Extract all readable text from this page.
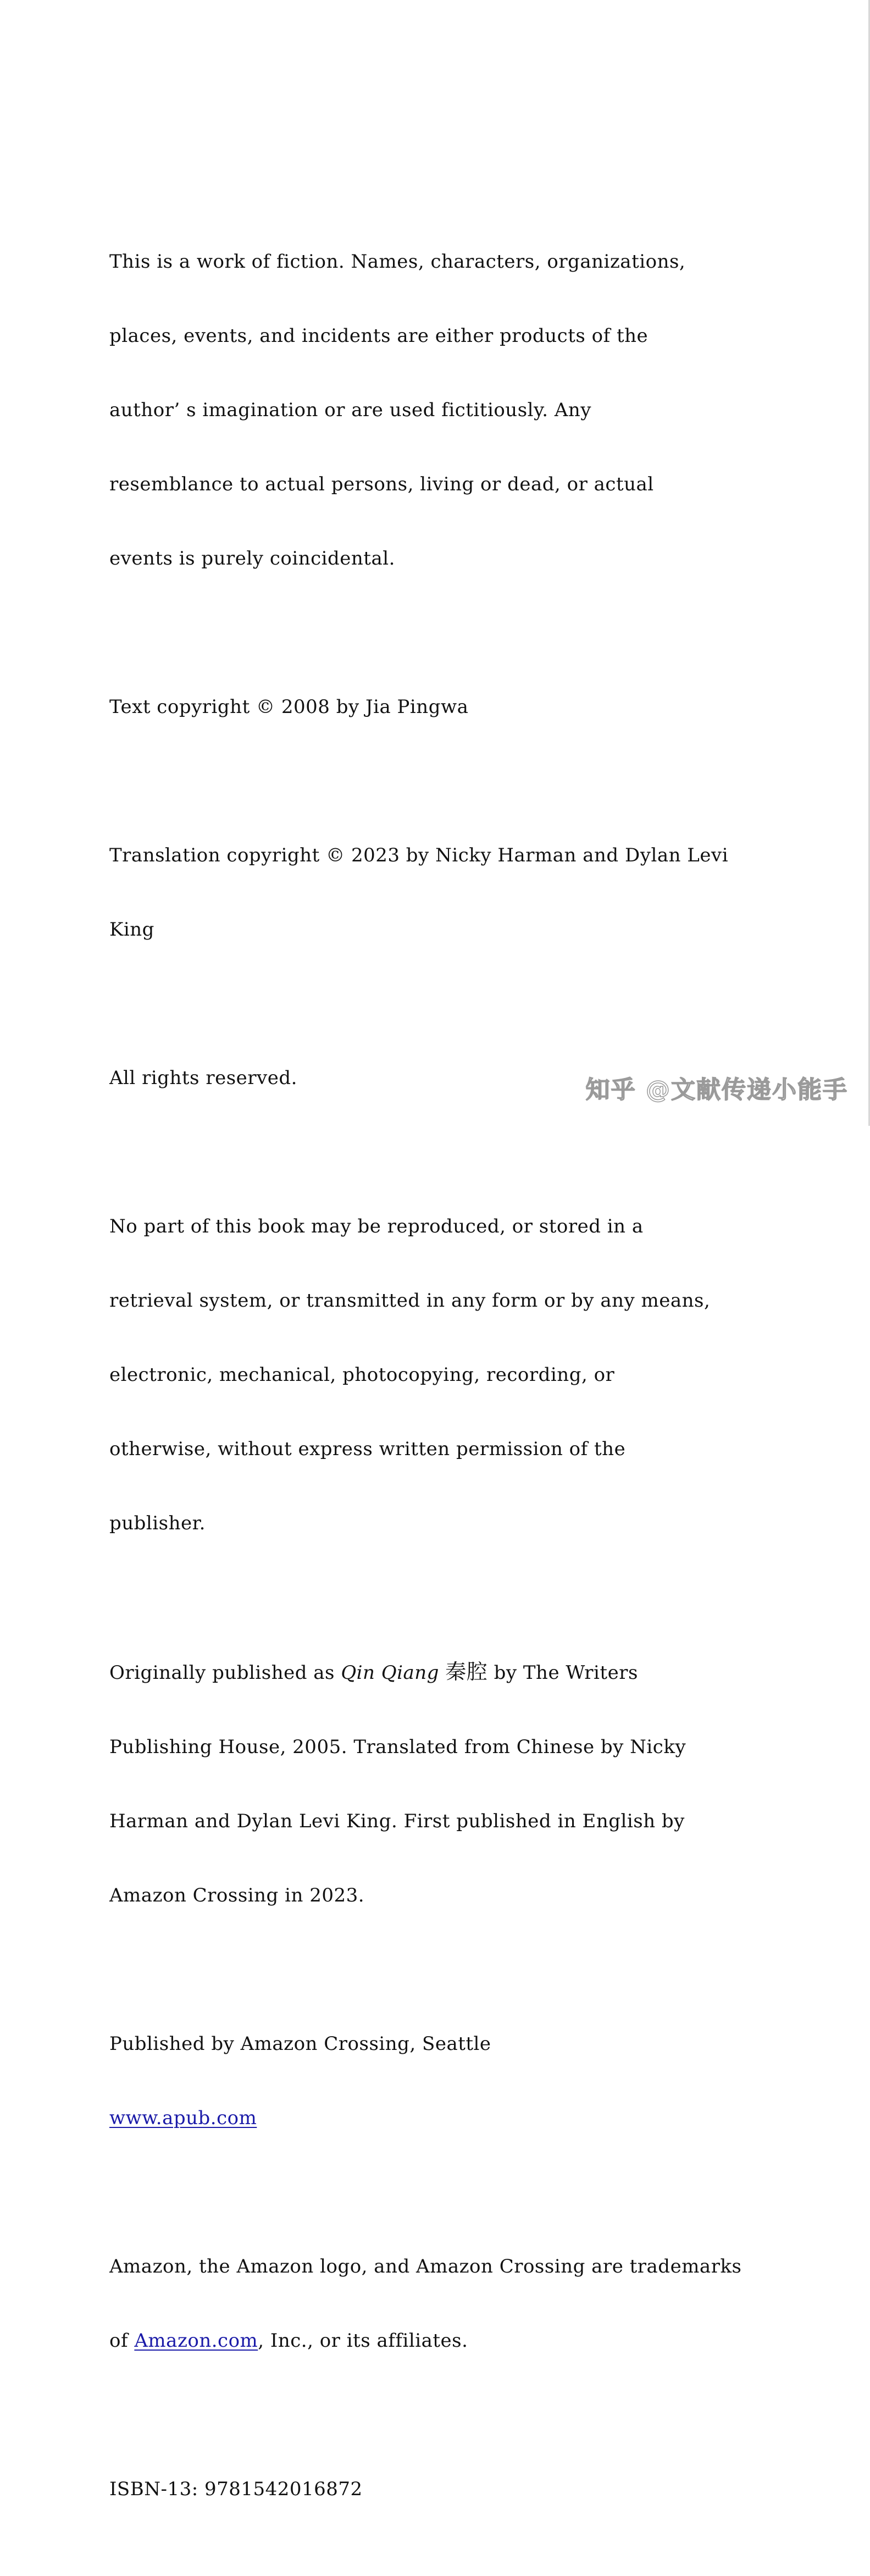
This is a work of fiction. Names, characters, organizations,

places, events, and incidents are either products of the

author’ s imagination or are used fictitiously. Any

resemblance to actual persons, living or dead, or actual

events is purely coincidental.

Text copyright © 2008 by Jia Pingwa

Translation copyright © 2023 by Nicky Harman and Dylan Levi

King

All rights reserved.

No part of this book may be reproduced, or stored in a

retrieval system, or transmitted in any form or by any means,

electronic, mechanical, photocopying, recording, or

otherwise, without express written permission of the

publisher.

Originally published as Qin Qiang 秦腔 by The Writers

Publishing House, 2005. Translated from Chinese by Nicky

Harman and Dylan Levi King. First published in English by

Amazon Crossing in 2023.

Published by Amazon Crossing, Seattle

www.apub.com

Amazon, the Amazon logo, and Amazon Crossing are trademarks

of Amazon.com, Inc., or its affiliates.

ISBN-13: 9781542016872

知乎 @文献传递小能手
